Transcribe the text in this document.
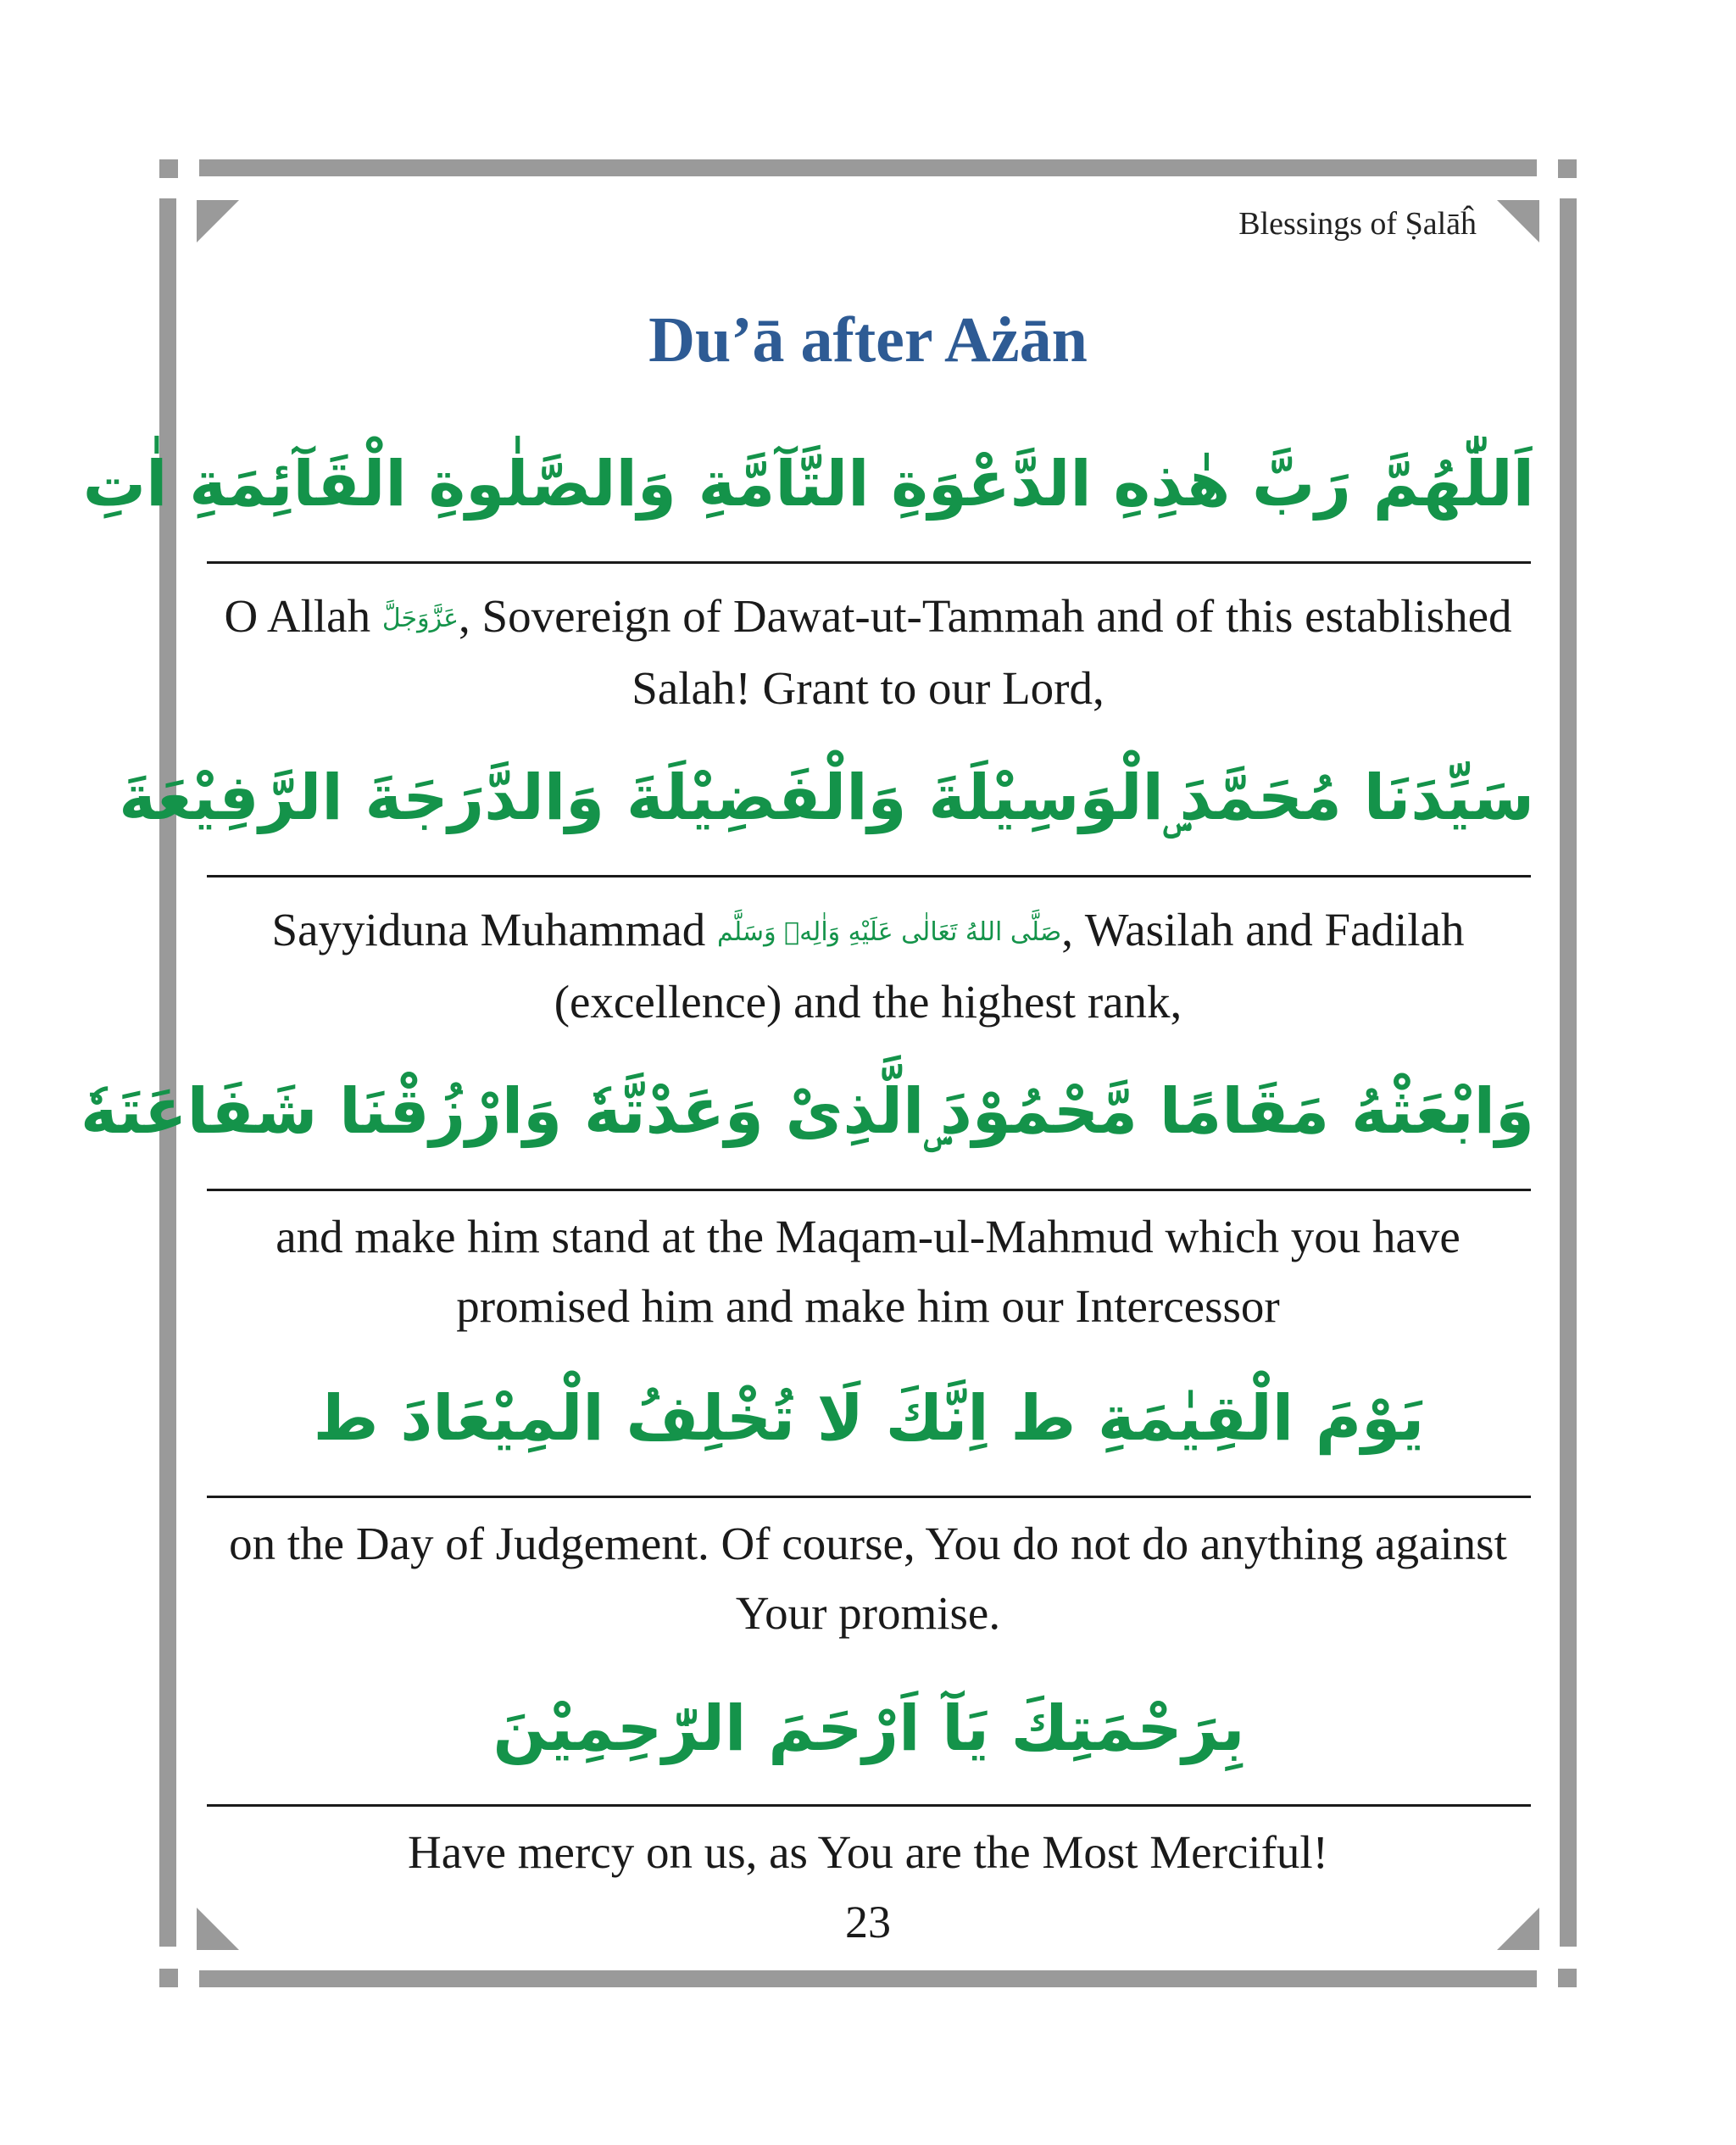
Blessings of Ṣalāĥ
Du’ā after Ażān
اَللّٰهُمَّ رَبَّ هٰذِهِ الدَّعْوَةِ التَّآمَّةِ وَالصَّلٰوةِ الْقَآئِمَةِ اٰتِ
O Allah عَزَّوَجَلَّ, Sovereign of Dawat-ut-Tammah and of this established Salah! Grant to our Lord,
سَيِّدَنَا مُحَمَّدَ ۣالْوَسِيْلَةَ وَالْفَضِيْلَةَ وَالدَّرَجَةَ الرَّفِيْعَةَ
Sayyiduna Muhammad صَلَّى اللهُ تَعَالٰى عَلَيْهِ وَاٰلِهٖ وَسَلَّم, Wasilah and Fadilah (excellence) and the highest rank,
وَابْعَثْهُ مَقَامًا مَّحْمُوْدَ ۣالَّذِىْ وَعَدْتَّهٗ وَارْزُقْنَا شَفَاعَتَهٗ
and make him stand at the Maqam-ul-Mahmud which you have promised him and make him our Intercessor
يَوْمَ الْقِيٰمَةِ ط اِنَّكَ لَا تُخْلِفُ الْمِيْعَادَ ط
on the Day of Judgement. Of course, You do not do anything against Your promise.
بِرَحْمَتِكَ يَآ اَرْحَمَ الرّٰحِمِيْنَ
Have mercy on us, as You are the Most Merciful!
23
